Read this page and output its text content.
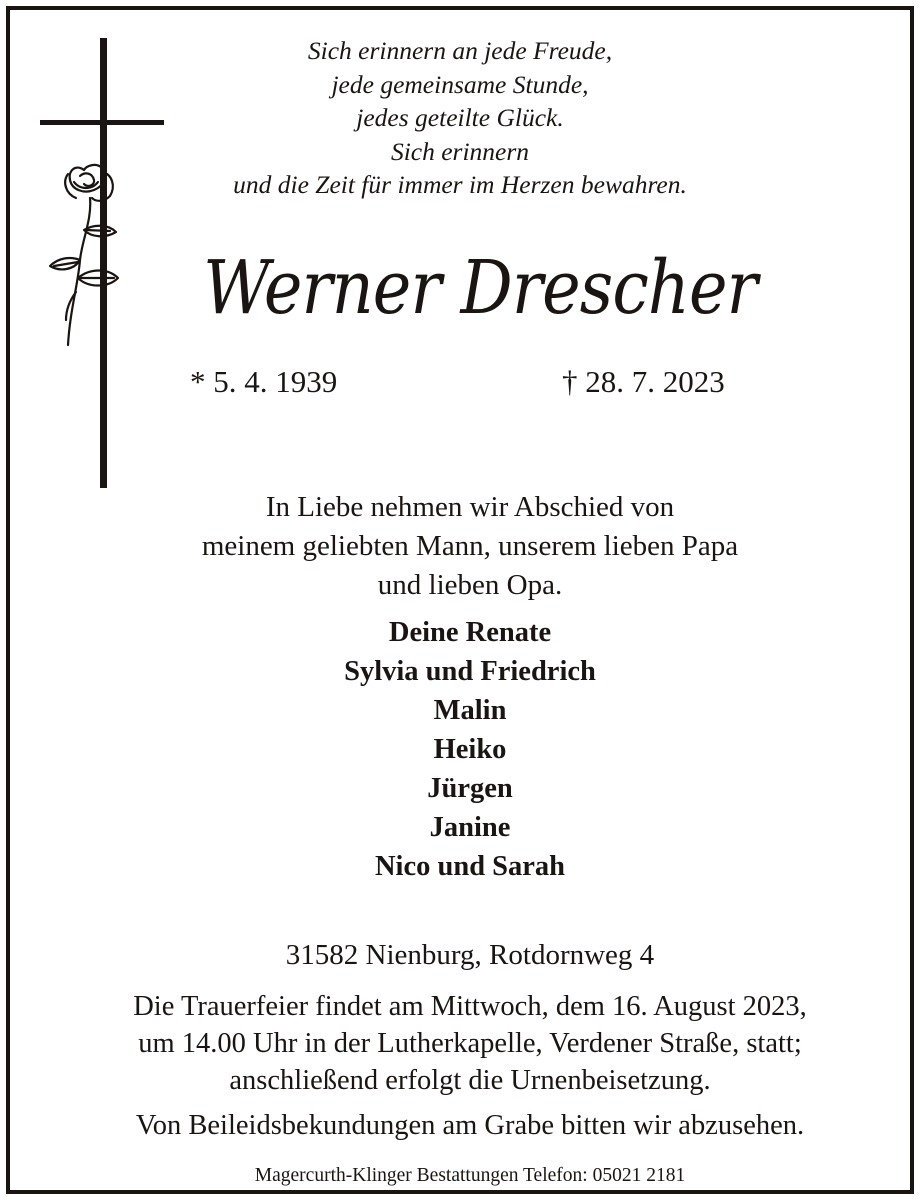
Sich erinnern an jede Freude,
jede gemeinsame Stunde,
jedes geteilte Glück.
Sich erinnern
und die Zeit für immer im Herzen bewahren.
Werner Drescher
* 5. 4. 1939	† 28. 7. 2023
In Liebe nehmen wir Abschied von
meinem geliebten Mann, unserem lieben Papa
und lieben Opa.
Deine Renate
Sylvia und Friedrich
Malin
Heiko
Jürgen
Janine
Nico und Sarah
31582 Nienburg, Rotdornweg 4
Die Trauerfeier findet am Mittwoch, dem 16. August 2023,
um 14.00 Uhr in der Lutherkapelle, Verdener Straße, statt;
anschließend erfolgt die Urnenbeisetzung.
Von Beileidsbekundungen am Grabe bitten wir abzusehen.
Magercurth-Klinger Bestattungen Telefon: 05021 2181
